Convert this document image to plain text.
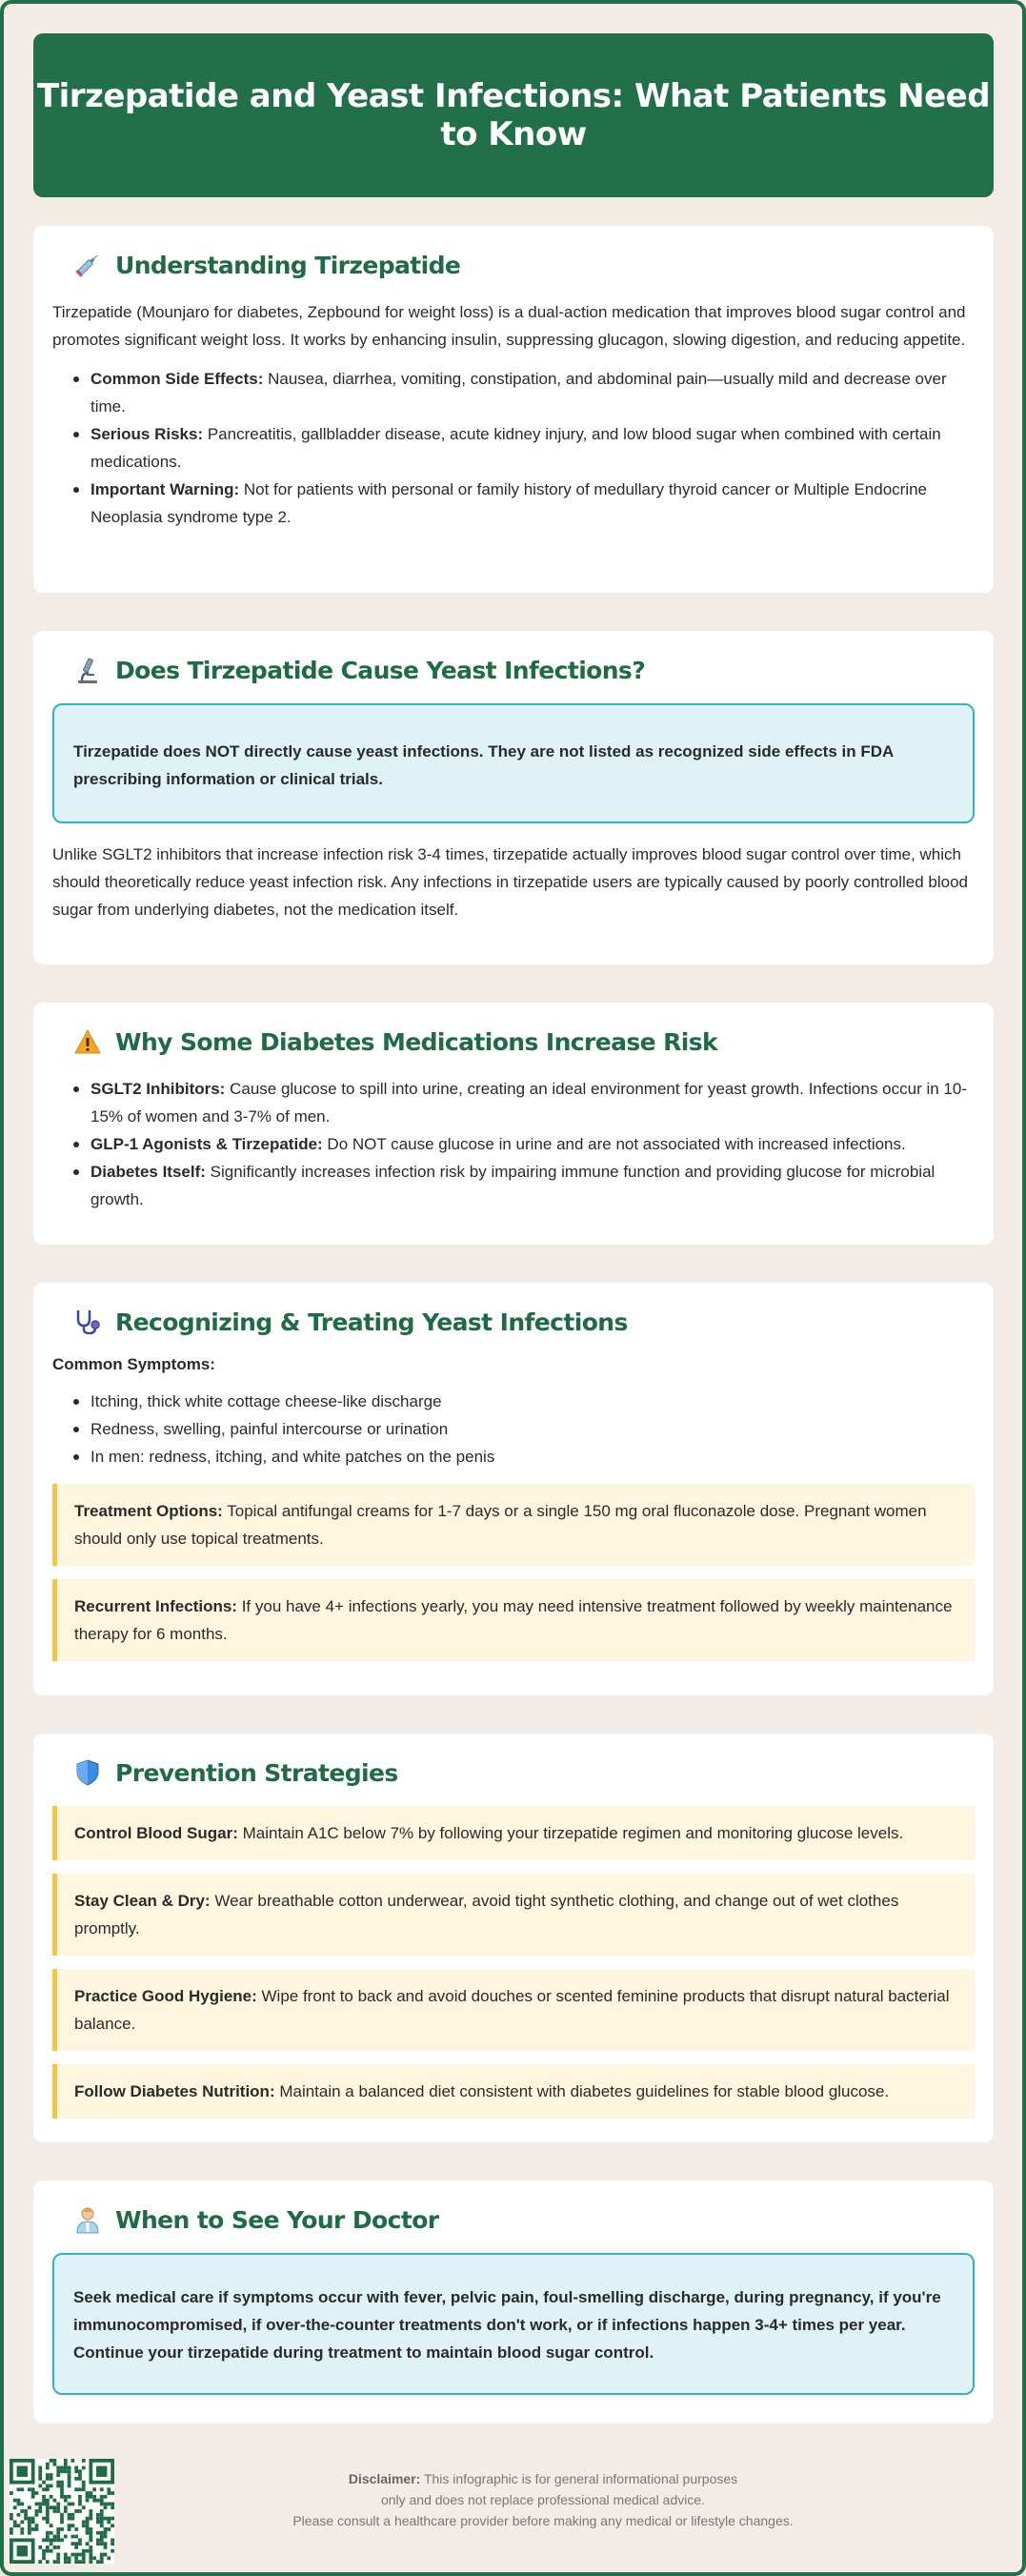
Tirzepatide and Yeast Infections: What Patients Need to Know
Understanding Tirzepatide

Tirzepatide (Mounjaro for diabetes, Zepbound for weight loss) is a dual-action medication that improves blood sugar control and promotes significant weight loss. It works by enhancing insulin, suppressing glucagon, slowing digestion, and reducing appetite.

Common Side Effects: Nausea, diarrhea, vomiting, constipation, and abdominal pain—usually mild and decrease over time.
Serious Risks: Pancreatitis, gallbladder disease, acute kidney injury, and low blood sugar when combined with certain medications.
Important Warning: Not for patients with personal or family history of medullary thyroid cancer or Multiple Endocrine Neoplasia syndrome type 2.
Does Tirzepatide Cause Yeast Infections?
Tirzepatide does NOT directly cause yeast infections. They are not listed as recognized side effects in FDA prescribing information or clinical trials.

Unlike SGLT2 inhibitors that increase infection risk 3-4 times, tirzepatide actually improves blood sugar control over time, which should theoretically reduce yeast infection risk. Any infections in tirzepatide users are typically caused by poorly controlled blood sugar from underlying diabetes, not the medication itself.

Why Some Diabetes Medications Increase Risk
SGLT2 Inhibitors: Cause glucose to spill into urine, creating an ideal environment for yeast growth. Infections occur in 10-15% of women and 3-7% of men.
GLP-1 Agonists & Tirzepatide: Do NOT cause glucose in urine and are not associated with increased infections.
Diabetes Itself: Significantly increases infection risk by impairing immune function and providing glucose for microbial growth.
Recognizing & Treating Yeast Infections
Common Symptoms:
Itching, thick white cottage cheese-like discharge
Redness, swelling, painful intercourse or urination
In men: redness, itching, and white patches on the penis
Treatment Options: Topical antifungal creams for 1-7 days or a single 150 mg oral fluconazole dose. Pregnant women should only use topical treatments.
Recurrent Infections: If you have 4+ infections yearly, you may need intensive treatment followed by weekly maintenance therapy for 6 months.
Prevention Strategies
Control Blood Sugar: Maintain A1C below 7% by following your tirzepatide regimen and monitoring glucose levels.
Stay Clean & Dry: Wear breathable cotton underwear, avoid tight synthetic clothing, and change out of wet clothes promptly.
Practice Good Hygiene: Wipe front to back and avoid douches or scented feminine products that disrupt natural bacterial balance.
Follow Diabetes Nutrition: Maintain a balanced diet consistent with diabetes guidelines for stable blood glucose.
When to See Your Doctor
Seek medical care if symptoms occur with fever, pelvic pain, foul-smelling discharge, during pregnancy, if you're immunocompromised, if over-the-counter treatments don't work, or if infections happen 3-4+ times per year. Continue your tirzepatide during treatment to maintain blood sugar control.
Disclaimer: This infographic is for general informational purposes
only and does not replace professional medical advice.
Please consult a healthcare provider before making any medical or lifestyle changes.
